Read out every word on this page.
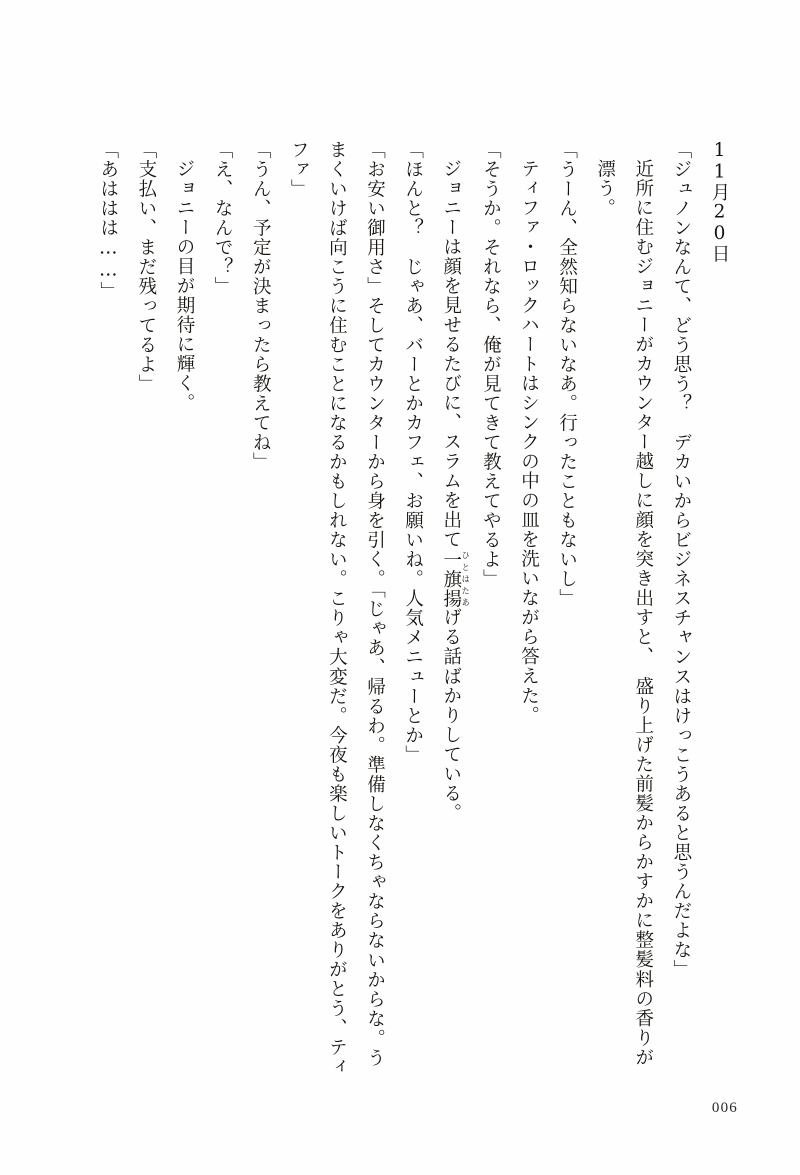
11月20日

「ジュノンなんて、どう思う？　デカいからビジネスチャンスはけっこうあると思うんだよな」

近所に住むジョニーがカウンター越しに顔を突き出すと、　盛り上げた前髪からかすかに整髪料の香りが漂う。

「うーん、全然知らないなあ。行ったこともないし」

ティファ・ロックハートはシンクの中の皿を洗いながら答えた。

「そうか。それなら、俺が見てきて教えてやるよ」

ジョニーは顔を見せるたびに、スラムを出て一旗揚 ひとはたあげる話ばかりしている。

「ほんと？　じゃあ、バーとかカフェ、お願いね。人気メニューとか」

「お安い御用さ」そしてカウンターから身を引く。「じゃあ、帰るわ。準備しなくちゃならないからな。うまくいけば向こうに住むことになるかもしれない。こりゃ大変だ。今夜も楽しいトークをありがとう、ティファ」

「うん、予定が決まったら教えてね」

「え、なんで？」

ジョニーの目が期待に輝く。

「支払い、まだ残ってるよ」

「あははは……」

006
